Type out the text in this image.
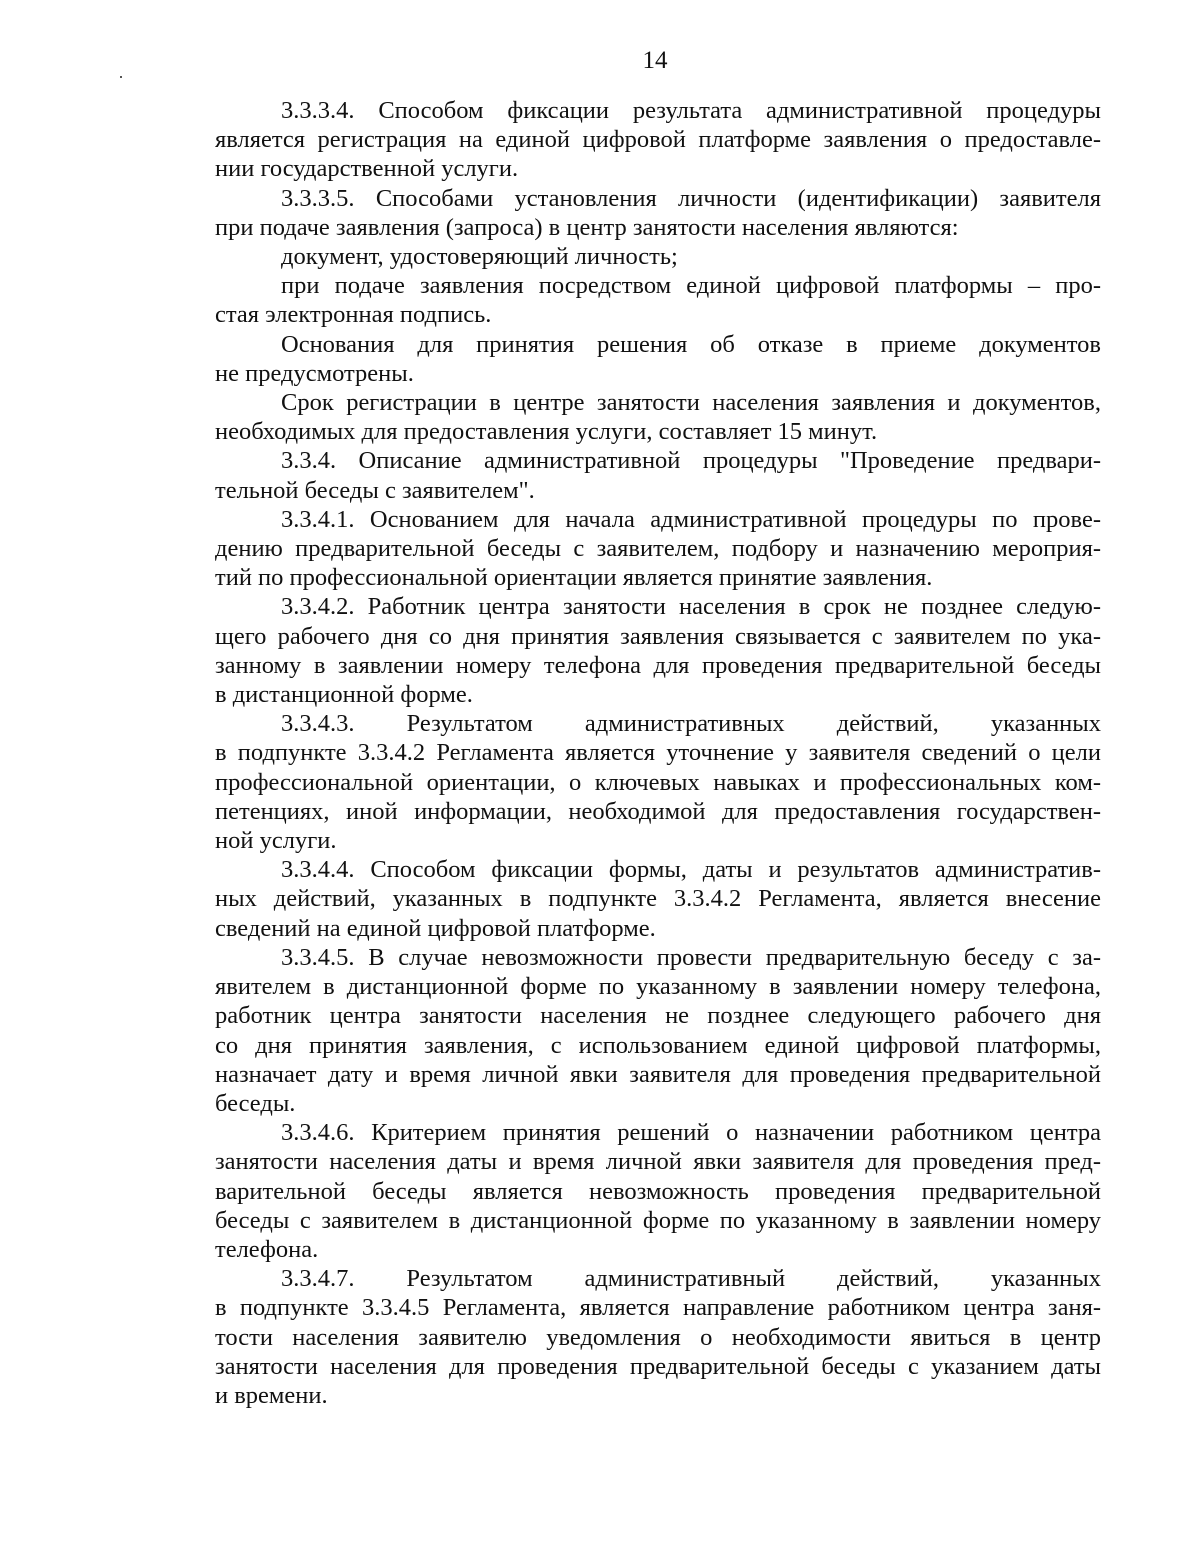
14
3.3.3.4. Способом фиксации результата административной процедуры
является регистрация на единой цифровой платформе заявления о предоставле-
нии государственной услуги.
3.3.3.5. Способами установления личности (идентификации) заявителя
при подаче заявления (запроса) в центр занятости населения являются:
документ, удостоверяющий личность;
при подаче заявления посредством единой цифровой платформы – про-
стая электронная подпись.
Основания для принятия решения об отказе в приеме документов
не предусмотрены.
Срок регистрации в центре занятости населения заявления и документов,
необходимых для предоставления услуги, составляет 15 минут.
3.3.4. Описание административной процедуры "Проведение предвари-
тельной беседы с заявителем".
3.3.4.1. Основанием для начала административной процедуры по прове-
дению предварительной беседы с заявителем, подбору и назначению мероприя-
тий по профессиональной ориентации является принятие заявления.
3.3.4.2. Работник центра занятости населения в срок не позднее следую-
щего рабочего дня со дня принятия заявления связывается с заявителем по ука-
занному в заявлении номеру телефона для проведения предварительной беседы
в дистанционной форме.
3.3.4.3. Результатом административных действий, указанных
в подпункте 3.3.4.2 Регламента является уточнение у заявителя сведений о цели
профессиональной ориентации, о ключевых навыках и профессиональных ком-
петенциях, иной информации, необходимой для предоставления государствен-
ной услуги.
3.3.4.4. Способом фиксации формы, даты и результатов административ-
ных действий, указанных в подпункте 3.3.4.2 Регламента, является внесение
сведений на единой цифровой платформе.
3.3.4.5. В случае невозможности провести предварительную беседу с за-
явителем в дистанционной форме по указанному в заявлении номеру телефона,
работник центра занятости населения не позднее следующего рабочего дня
со дня принятия заявления, с использованием единой цифровой платформы,
назначает дату и время личной явки заявителя для проведения предварительной
беседы.
3.3.4.6. Критерием принятия решений о назначении работником центра
занятости населения даты и время личной явки заявителя для проведения пред-
варительной беседы является невозможность проведения предварительной
беседы с заявителем в дистанционной форме по указанному в заявлении номеру
телефона.
3.3.4.7. Результатом административный действий, указанных
в подпункте 3.3.4.5 Регламента, является направление работником центра заня-
тости населения заявителю уведомления о необходимости явиться в центр
занятости населения для проведения предварительной беседы с указанием даты
и времени.
